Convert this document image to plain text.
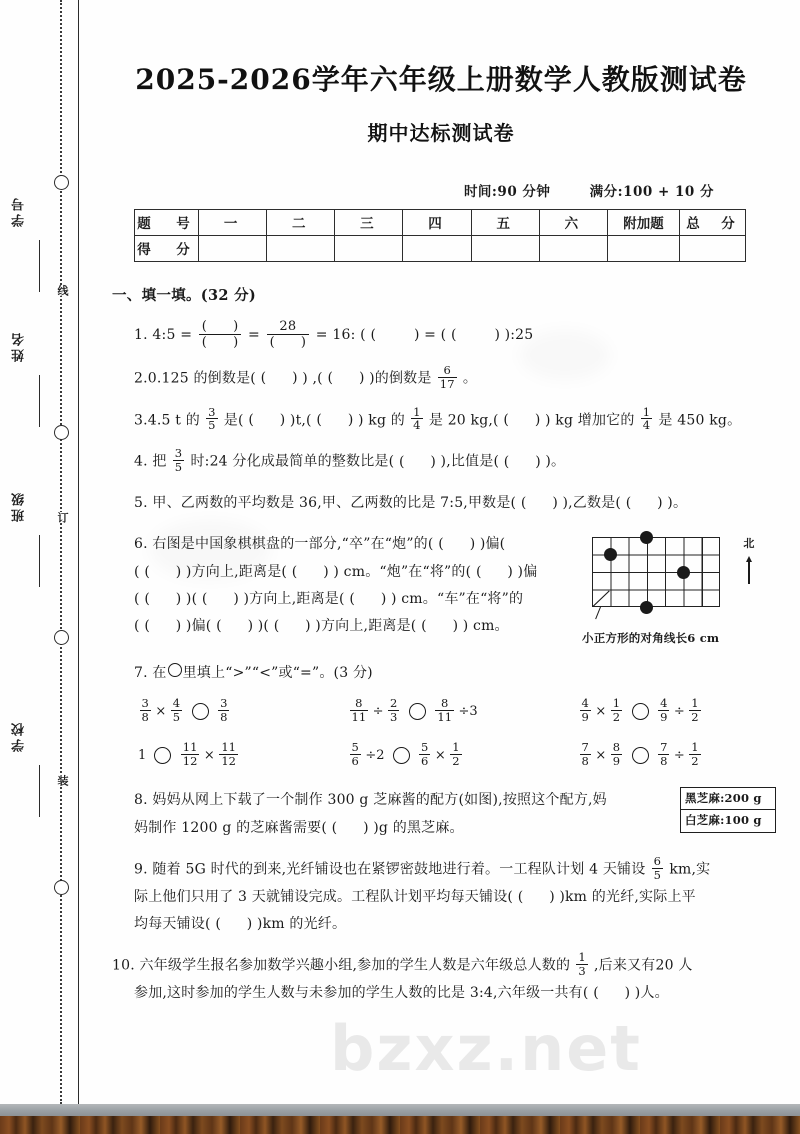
学号
姓名
班级
学校
线
订
装
2025-2026学年六年级上册数学人教版测试卷
期中达标测试卷
时间:90 分钟	满分:100 + 10 分
题　号	一	二	三	四	五	六	附加题	总　分
得　分								
一、填一填。(32 分)
1. 4:5 = $\frac{( )}{( )} = \frac{28}{( )} = 16$: ( (  )	= ( (  )	):25
2.0.125 的倒数是( (  )	) ,( (  )	)的倒数是 $\frac{6}{17}$ 。
3.4.5 t 的 $\frac{3}{5}$ 是( (  )	)t,( (  )	) kg 的 $\frac{1}{4}$ 是 20 kg,( (  )	) kg 增加它的 $\frac{1}{4}$ 是 450 kg。
4. 把 $\frac{3}{5}$ 时:24 分化成最简单的整数比是( (  )	),比值是( (  )	)。
5. 甲、乙两数的平均数是 36,甲、乙两数的比是 7:5,甲数是( (  )	),乙数是( (  )	)。
6. 右图是中国象棋棋盘的一部分,“卒”在“炮”的( (  )	)偏(
( (  )	)方向上,距离是( (  )	) cm。“炮”在“将”的( (  )	)偏
( (  )	)( (  )	)方向上,距离是( (  )	) cm。“车”在“将”的
( (  )	)偏( (  )	)( (  )	)方向上,距离是( (  )	) cm。
北
小正方形的对角线长6 cm
7. 在 里填上“>”“<”或“=”。(3 分)
$\frac{3}{8} \times \frac{4}{5}$	$\frac{3}{8}$	$\frac{8}{11} \div \frac{2}{3}$	$\frac{8}{11} \div 3$	$\frac{4}{9} \times \frac{1}{2}$	$\frac{4}{9} \div \frac{1}{2}$
1	$\frac{11}{12} \times \frac{11}{12}$	$\frac{5}{6} \div 2$	$\frac{5}{6} \times \frac{1}{2}$	$\frac{7}{8} \times \frac{8}{9}$	$\frac{7}{8} \div \frac{1}{2}$
8. 妈妈从网上下载了一个制作 300 g 芝麻酱的配方(如图),按照这个配方,妈
妈制作 1200 g 的芝麻酱需要( (  )	)g 的黑芝麻。
黑芝麻:200 g
白芝麻:100 g
9. 随着 5G 时代的到来,光纤铺设也在紧锣密鼓地进行着。一工程队计划 4 天铺设 $\frac{6}{5}$ km,实
际上他们只用了 3 天就铺设完成。工程队计划平均每天铺设( (  )	)km 的光纤,实际上平
均每天铺设( (  )	)km 的光纤。
10. 六年级学生报名参加数学兴趣小组,参加的学生人数是六年级总人数的 $\frac{1}{3}$ ,后来又有20 人
参加,这时参加的学生人数与未参加的学生人数的比是 3:4,六年级一共有( (  )	)人。
bzxz.net
